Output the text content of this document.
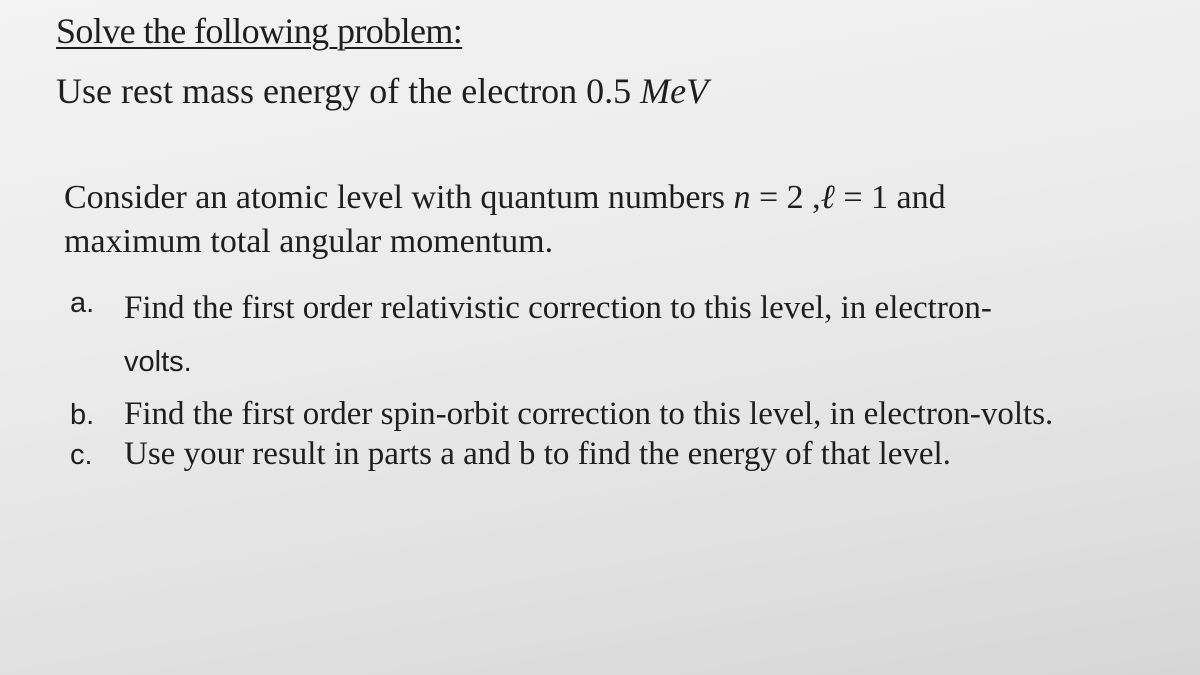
Solve the following problem:
Use rest mass energy of the electron 0.5 MeV
Consider an atomic level with quantum numbers n = 2 ,ℓ = 1 and
maximum total angular momentum.
a. Find the first order relativistic correction to this level, in electron-
volts.
b. Find the first order spin-orbit correction to this level, in electron-volts.
c. Use your result in parts a and b to find the energy of that level.
